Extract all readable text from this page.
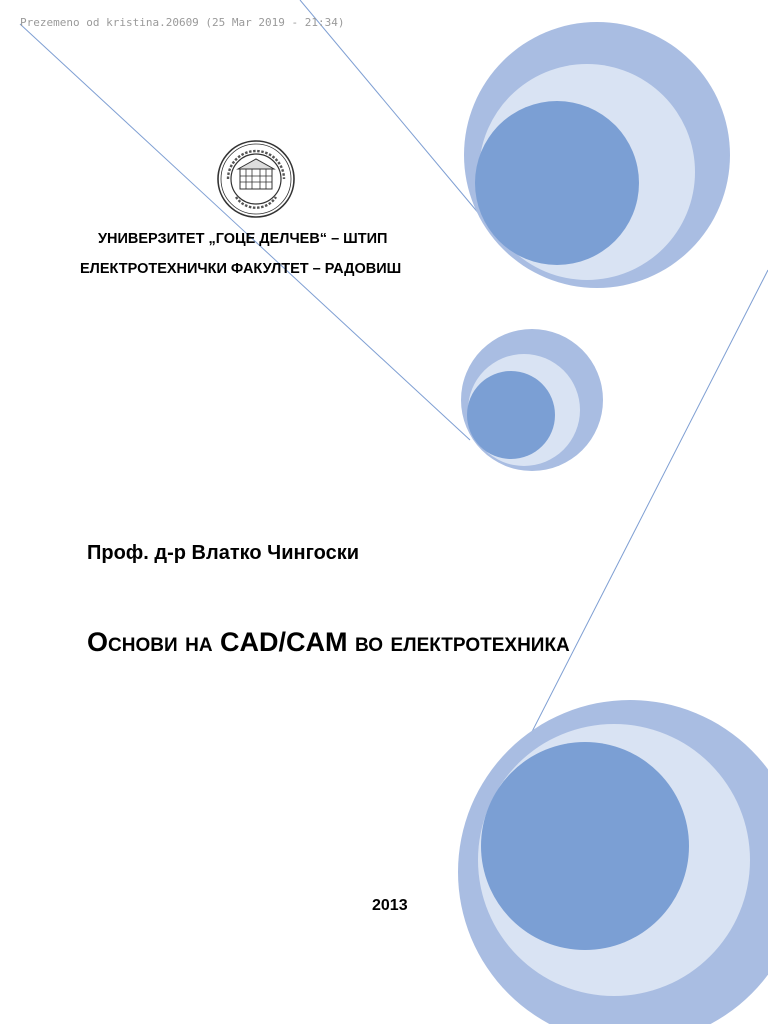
Prezemeno od kristina.20609 (25 Mar 2019 - 21:34)
УНИВЕРЗИТЕТ „ГОЦЕ ДЕЛЧЕВ“ – ШТИП
ЕЛЕКТРОТЕХНИЧКИ ФАКУЛТЕТ – РАДОВИШ
Проф. д-р Влатко Чингоски
Основи на CAD/CAM во електротехника
2013
